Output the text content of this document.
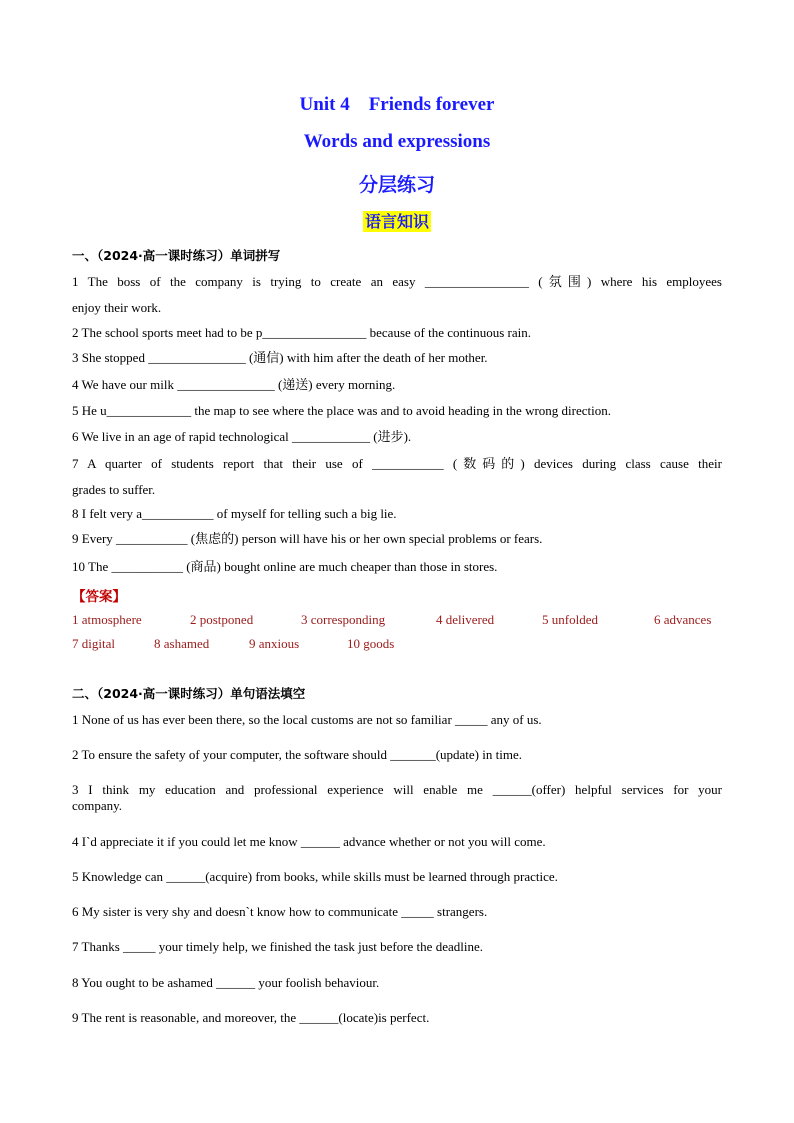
Unit 4    Friends forever
Words and expressions
分层练习
语言知识
一、（2024·高一课时练习）单词拼写
1 The boss of the company is trying to create an easy ________________ (氛围) where his employees
enjoy their work.
2 The school sports meet had to be p________________ because of the continuous rain.
3 She stopped _______________ (通信) with him after the death of her mother.
4 We have our milk _______________ (递送) every morning.
5 He u_____________ the map to see where the place was and to avoid heading in the wrong direction.
6 We live in an age of rapid technological ____________ (进步).
7 A quarter of students report that their use of ___________ (数码的) devices during class cause their
grades to suffer.
8 I felt very a___________ of myself for telling such a big lie.
9 Every ___________ (焦虑的) person will have his or her own special problems or fears.
10 The ___________ (商品) bought online are much cheaper than those in stores.
【答案】
1 atmosphere	2 postponed	3 corresponding	4 delivered	5 unfolded	6 advances
7 digital	8 ashamed	9 anxious	10 goods
二、（2024·高一课时练习）单句语法填空
1 None of us has ever been there, so the local customs are not so familiar _____ any of us.
2 To ensure the safety of your computer, the software should _______(update) in time.
3 I think my education and professional experience will enable me ______(offer) helpful services for your
company.
4 I`d appreciate it if you could let me know ______ advance whether or not you will come.
5 Knowledge can ______(acquire) from books, while skills must be learned through practice.
6 My sister is very shy and doesn`t know how to communicate _____ strangers.
7 Thanks _____ your timely help, we finished the task just before the deadline.
8 You ought to be ashamed ______ your foolish behaviour.
9 The rent is reasonable, and moreover, the ______(locate)is perfect.
